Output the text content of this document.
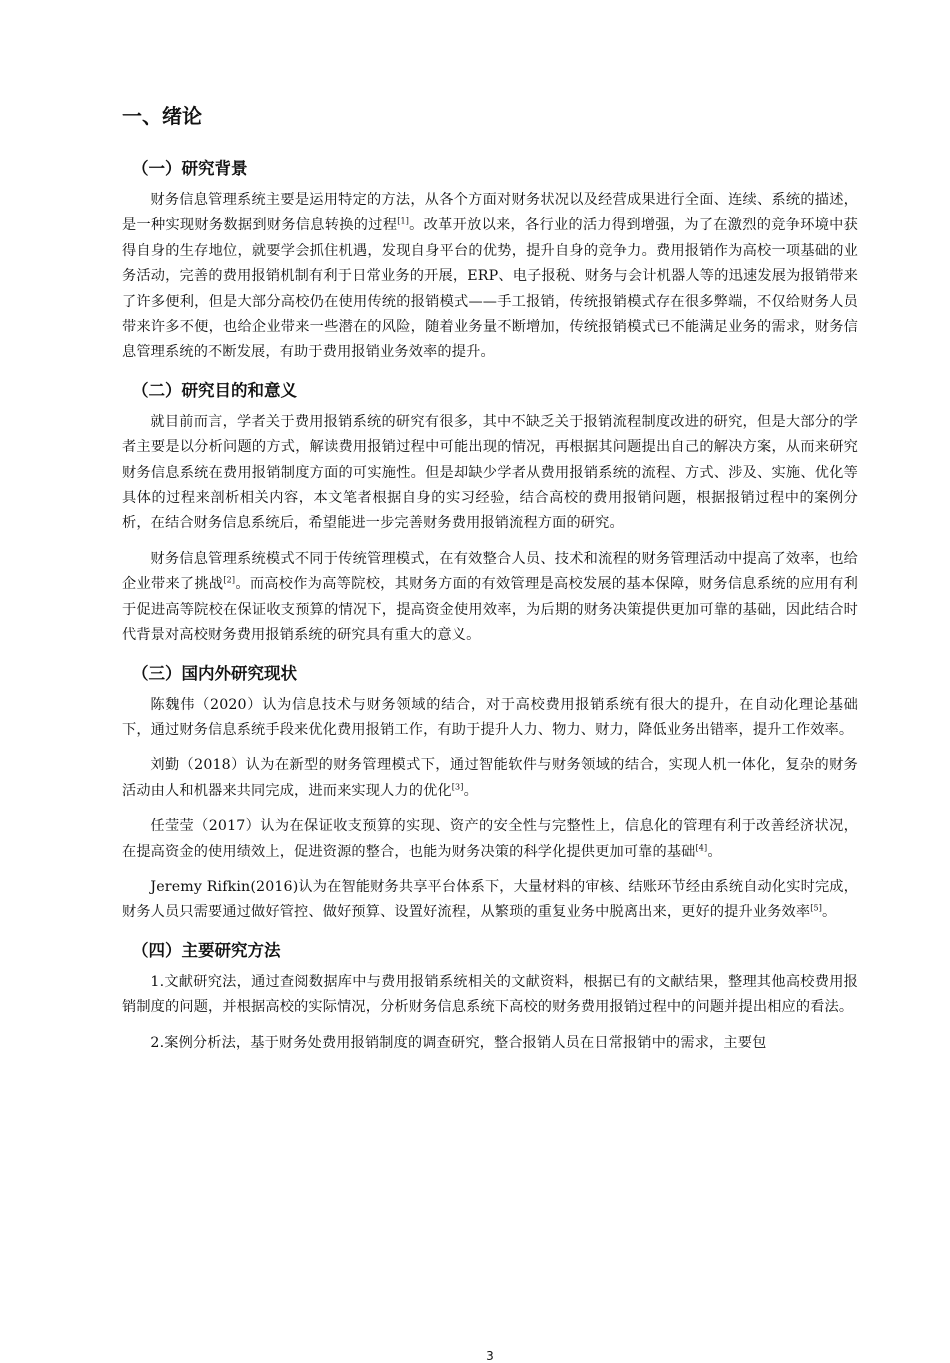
一、绪论
（一）研究背景

财务信息管理系统主要是运用特定的方法，从各个方面对财务状况以及经营成果进行全面、连续、系统的描述，是一种实现财务数据到财务信息转换的过程[1]。改革开放以来，各行业的活力得到增强，为了在激烈的竞争环境中获得自身的生存地位，就要学会抓住机遇，发现自身平台的优势，提升自身的竞争力。费用报销作为高校一项基础的业务活动，完善的费用报销机制有利于日常业务的开展，ERP、电子报税、财务与会计机器人等的迅速发展为报销带来了许多便利，但是大部分高校仍在使用传统的报销模式——手工报销，传统报销模式存在很多弊端，不仅给财务人员带来许多不便，也给企业带来一些潜在的风险，随着业务量不断增加，传统报销模式已不能满足业务的需求，财务信息管理系统的不断发展，有助于费用报销业务效率的提升。

（二）研究目的和意义

就目前而言，学者关于费用报销系统的研究有很多，其中不缺乏关于报销流程制度改进的研究，但是大部分的学者主要是以分析问题的方式，解读费用报销过程中可能出现的情况，再根据其问题提出自己的解决方案，从而来研究财务信息系统在费用报销制度方面的可实施性。但是却缺少学者从费用报销系统的流程、方式、涉及、实施、优化等具体的过程来剖析相关内容，本文笔者根据自身的实习经验，结合高校的费用报销问题，根据报销过程中的案例分析，在结合财务信息系统后，希望能进一步完善财务费用报销流程方面的研究。

财务信息管理系统模式不同于传统管理模式，在有效整合人员、技术和流程的财务管理活动中提高了效率，也给企业带来了挑战[2]。而高校作为高等院校，其财务方面的有效管理是高校发展的基本保障，财务信息系统的应用有利于促进高等院校在保证收支预算的情况下，提高资金使用效率，为后期的财务决策提供更加可靠的基础，因此结合时代背景对高校财务费用报销系统的研究具有重大的意义。

（三）国内外研究现状

陈魏伟（2020）认为信息技术与财务领域的结合，对于高校费用报销系统有很大的提升，在自动化理论基础下，通过财务信息系统手段来优化费用报销工作，有助于提升人力、物力、财力，降低业务出错率，提升工作效率。

刘勤（2018）认为在新型的财务管理模式下，通过智能软件与财务领域的结合，实现人机一体化，复杂的财务活动由人和机器来共同完成，进而来实现人力的优化[3]。

任莹莹（2017）认为在保证收支预算的实现、资产的安全性与完整性上，信息化的管理有利于改善经济状况，在提高资金的使用绩效上，促进资源的整合，也能为财务决策的科学化提供更加可靠的基础[4]。

Jeremy Rifkin(2016)认为在智能财务共享平台体系下，大量材料的审核、结账环节经由系统自动化实时完成，财务人员只需要通过做好管控、做好预算、设置好流程，从繁琐的重复业务中脱离出来，更好的提升业务效率[5]。

（四）主要研究方法

1.文献研究法，通过查阅数据库中与费用报销系统相关的文献资料，根据已有的文献结果，整理其他高校费用报销制度的问题，并根据高校的实际情况，分析财务信息系统下高校的财务费用报销过程中的问题并提出相应的看法。

2.案例分析法，基于财务处费用报销制度的调查研究，整合报销人员在日常报销中的需求，主要包

3
